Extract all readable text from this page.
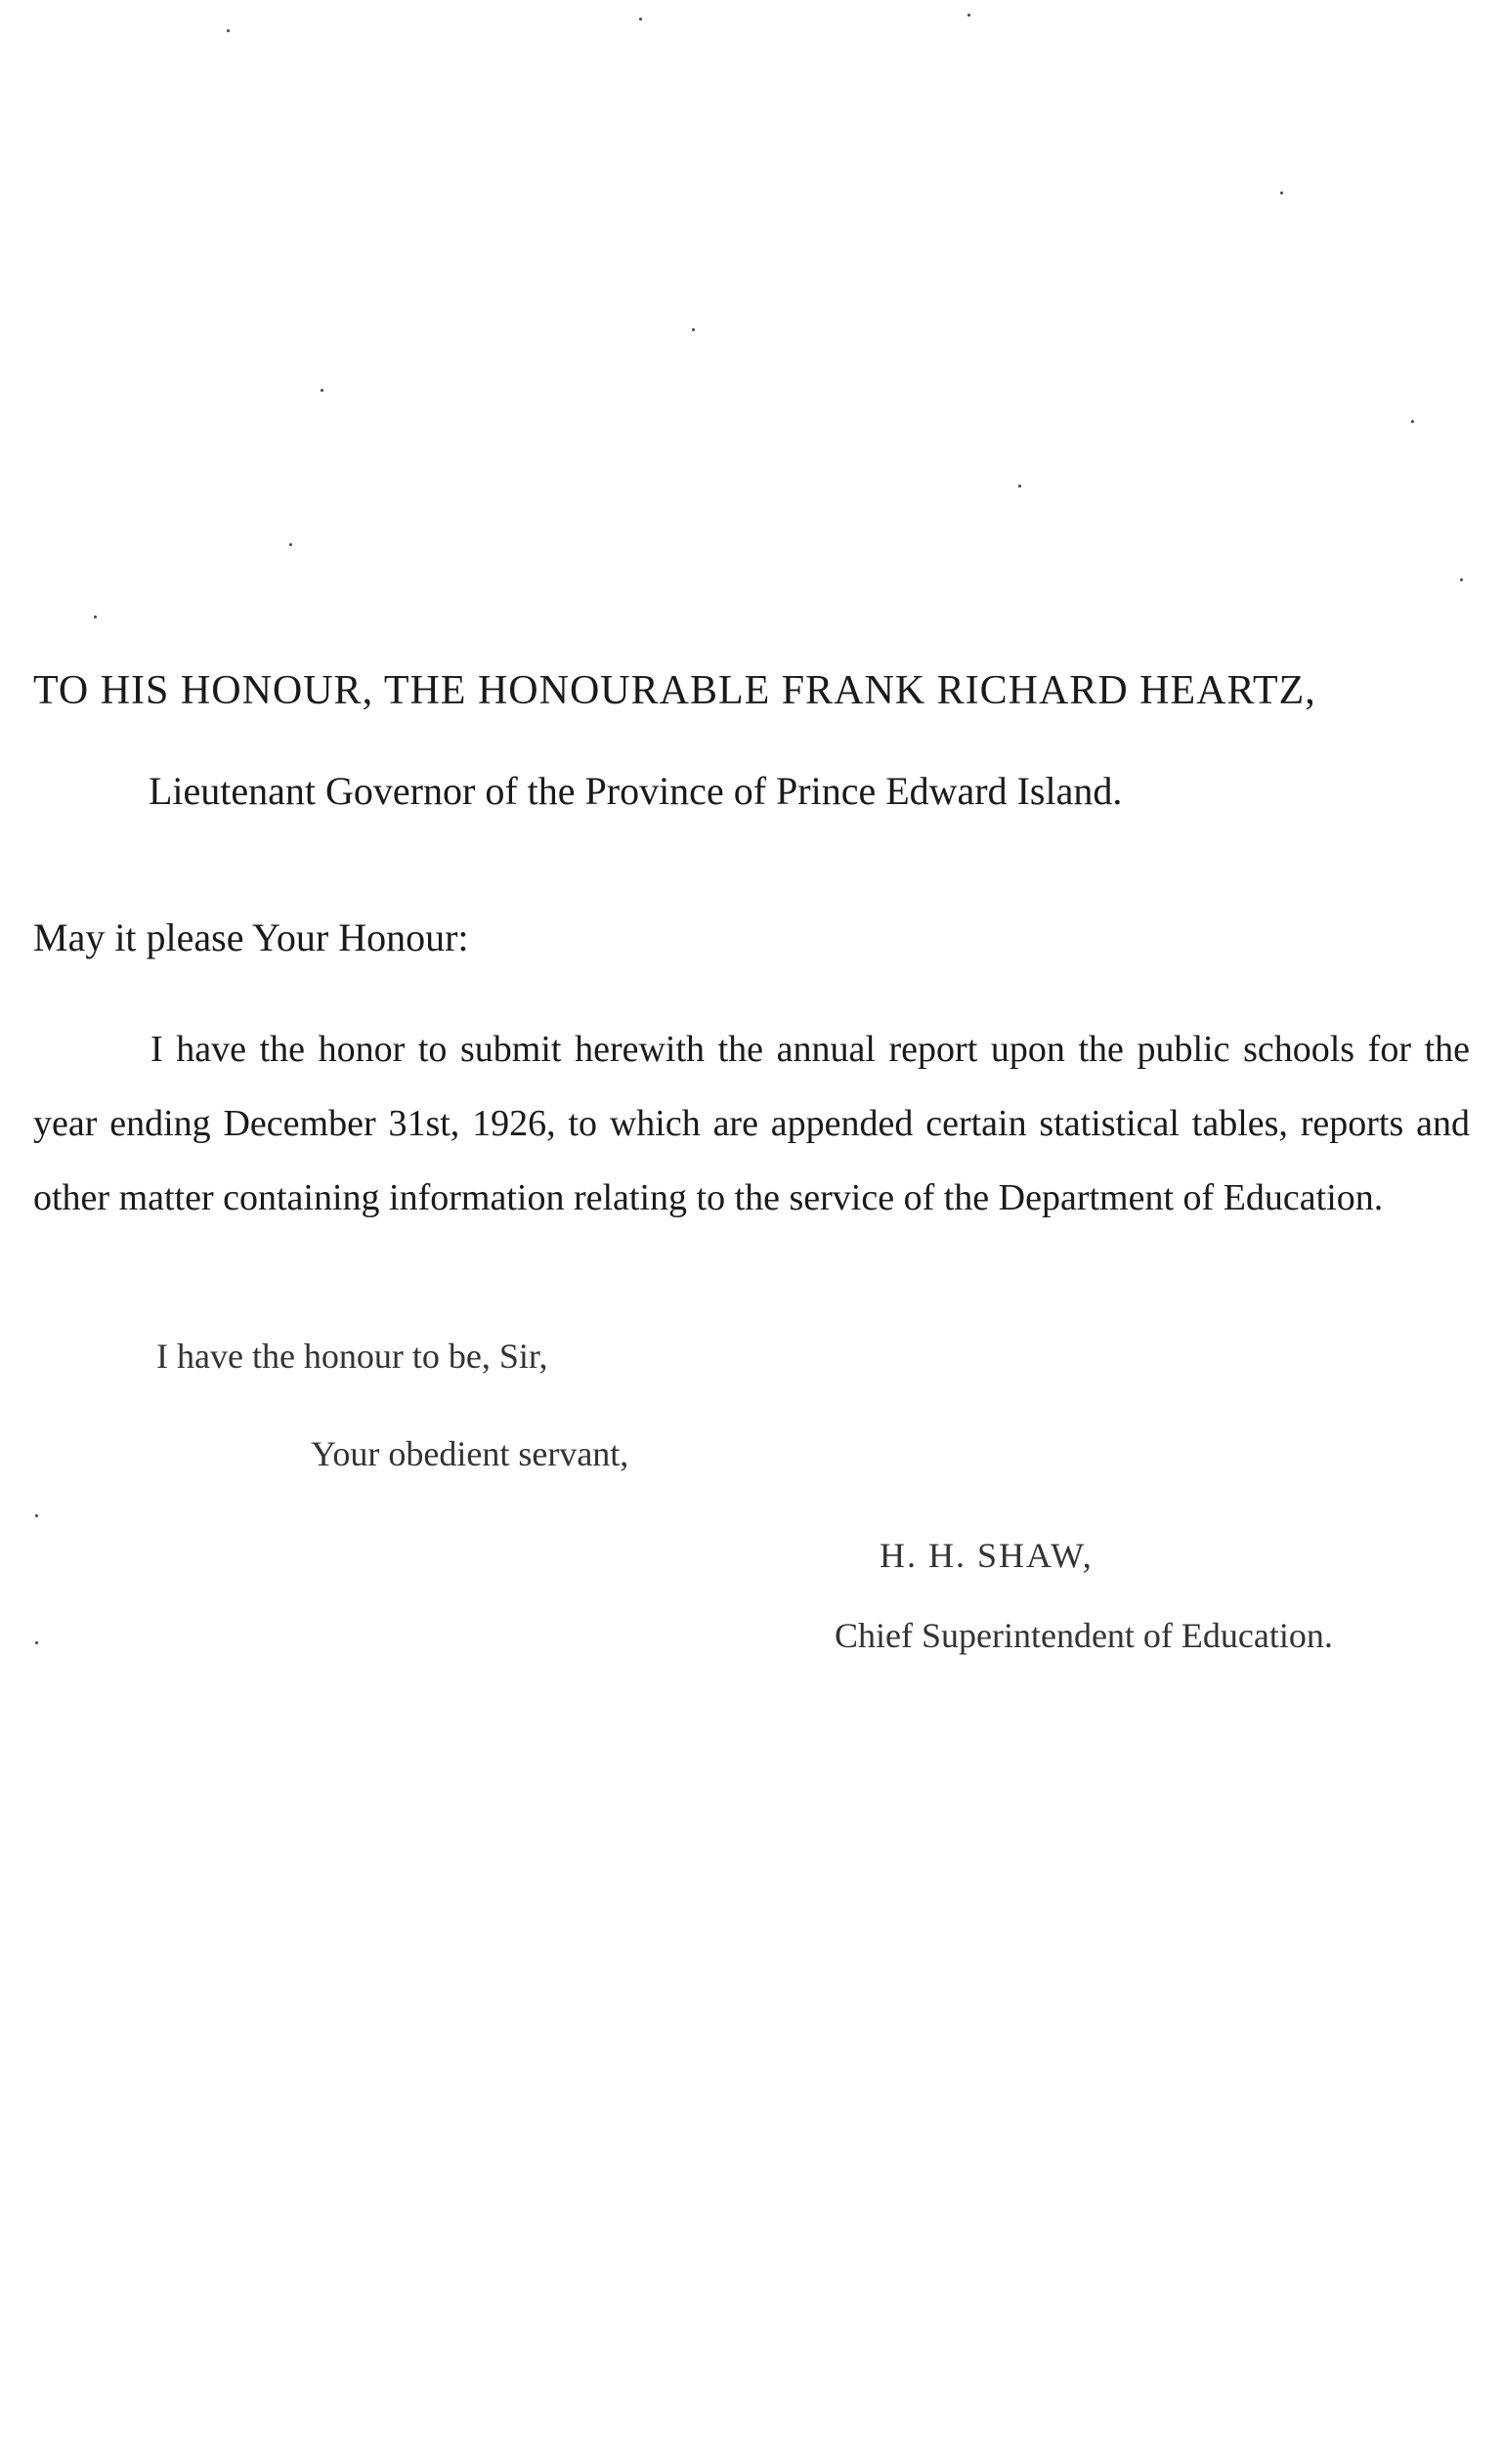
TO HIS HONOUR, THE HONOURABLE FRANK RICHARD HEARTZ,
Lieutenant Governor of the Province of Prince Edward Island.
May it please Your Honour:
I have the honor to submit herewith the annual report upon the public schools for the year ending December 31st, 1926, to which are appended certain statistical tables, reports and other matter containing information relating to the service of the Department of Education.
I have the honour to be, Sir,
Your obedient servant,
H. H. SHAW,
Chief Superintendent of Education.
